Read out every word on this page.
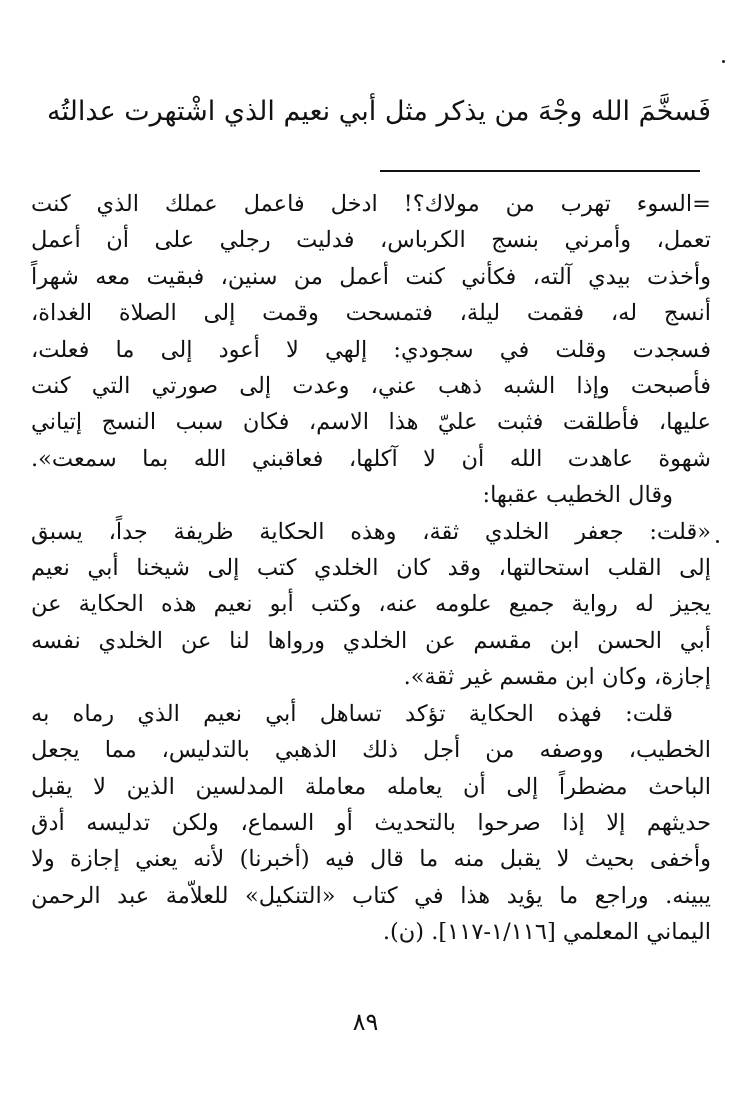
فَسخَّمَ الله وجْهَ من يذكر مثل أبي نعيم الذي اشْتهرت عدالتُه
=السوء تهرب من مولاك؟! ادخل فاعمل عملك الذي كنت
تعمل، وأمرني بنسج الكرباس، فدليت رجلي على أن أعمل
وأخذت بيدي آلته، فكأني كنت أعمل من سنين، فبقيت معه شهراً
أنسج له، فقمت ليلة، فتمسحت وقمت إلى الصلاة الغداة،
فسجدت وقلت في سجودي: إلهي لا أعود إلى ما فعلت،
فأصبحت وإذا الشبه ذهب عني، وعدت إلى صورتي التي كنت
عليها، فأطلقت فثبت عليّ هذا الاسم، فكان سبب النسج إتياني
شهوة عاهدت الله أن لا آكلها، فعاقبني الله بما سمعت».
وقال الخطيب عقبها:
«قلت: جعفر الخلدي ثقة، وهذه الحكاية ظريفة جداً، يسبق
إلى القلب استحالتها، وقد كان الخلدي كتب إلى شيخنا أبي نعيم
يجيز له رواية جميع علومه عنه، وكتب أبو نعيم هذه الحكاية عن
أبي الحسن ابن مقسم عن الخلدي ورواها لنا عن الخلدي نفسه
إجازة، وكان ابن مقسم غير ثقة».
قلت: فهذه الحكاية تؤكد تساهل أبي نعيم الذي رماه به
الخطيب، ووصفه من أجل ذلك الذهبي بالتدليس، مما يجعل
الباحث مضطراً إلى أن يعامله معاملة المدلسين الذين لا يقبل
حديثهم إلا إذا صرحوا بالتحديث أو السماع، ولكن تدليسه أدق
وأخفى بحيث لا يقبل منه ما قال فيه (أخبرنا) لأنه يعني إجازة ولا
يبينه. وراجع ما يؤيد هذا في كتاب «التنكيل» للعلاّمة عبد الرحمن
اليماني المعلمي [١/١١٦-١١٧]. (ن).
٨٩
